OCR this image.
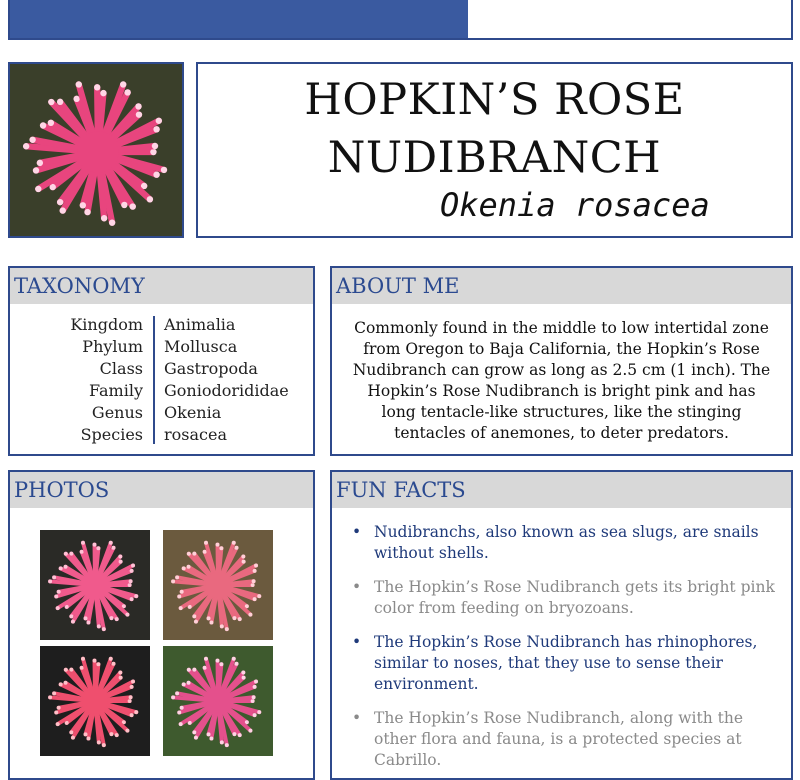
HOPKIN’S ROSE
NUDIBRANCH
Okenia rosacea
TAXONOMY
Kingdom Animalia
Phylum Mollusca
Class Gastropoda
Family Goniodorididae
Genus Okenia
Species rosacea
ABOUT ME
Commonly found in the middle to low intertidal zone from Oregon to Baja California, the Hopkin’s Rose Nudibranch can grow as long as 2.5 cm (1 inch). The Hopkin’s Rose Nudibranch is bright pink and has long tentacle-like structures, like the stinging tentacles of anemones, to deter predators.
PHOTOS	FUN FACTS
• Nudibranchs, also known as sea slugs, are snails without shells.
• The Hopkin’s Rose Nudibranch gets its bright pink color from feeding on bryozoans.
• The Hopkin’s Rose Nudibranch has rhinophores, similar to noses, that they use to sense their environment.
• The Hopkin’s Rose Nudibranch, along with the other flora and fauna, is a protected species at Cabrillo.
